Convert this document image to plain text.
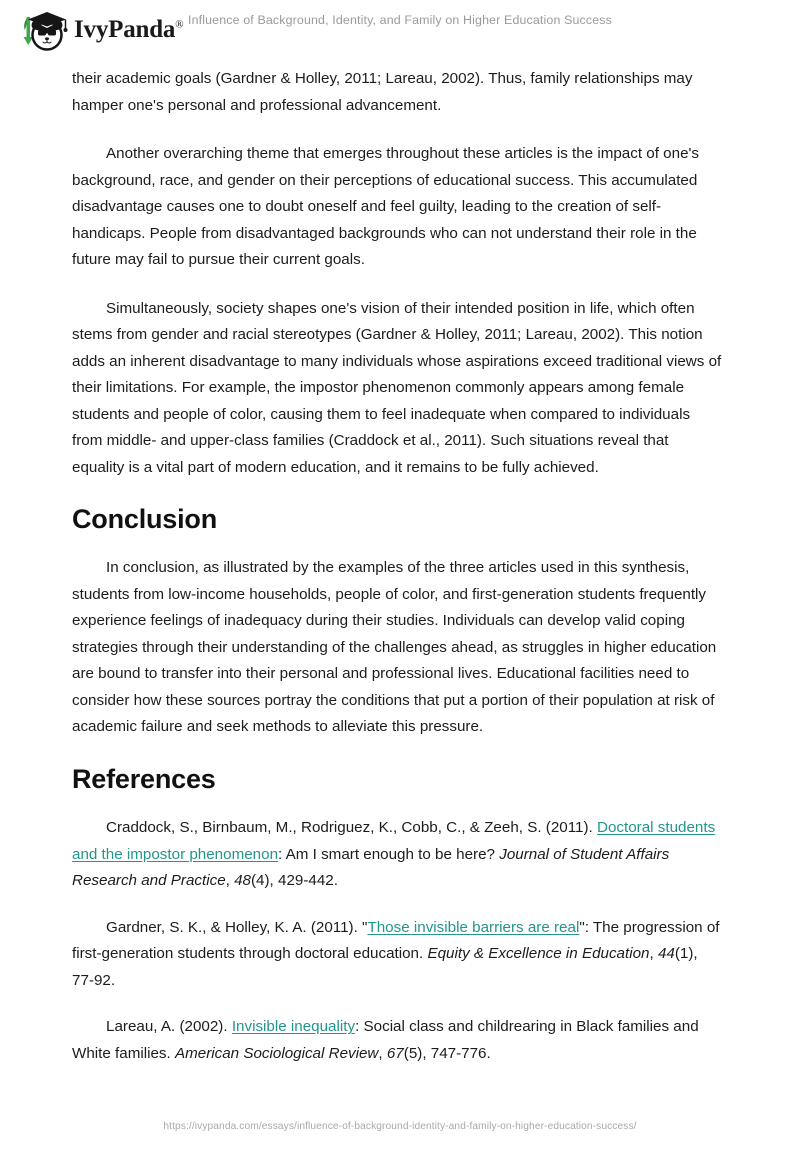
IvyPanda® Influence of Background, Identity, and Family on Higher Education Success

their academic goals (Gardner & Holley, 2011; Lareau, 2002). Thus, family relationships may hamper one's personal and professional advancement.

Another overarching theme that emerges throughout these articles is the impact of one's background, race, and gender on their perceptions of educational success. This accumulated disadvantage causes one to doubt oneself and feel guilty, leading to the creation of self-handicaps. People from disadvantaged backgrounds who can not understand their role in the future may fail to pursue their current goals.

Simultaneously, society shapes one's vision of their intended position in life, which often stems from gender and racial stereotypes (Gardner & Holley, 2011; Lareau, 2002). This notion adds an inherent disadvantage to many individuals whose aspirations exceed traditional views of their limitations. For example, the impostor phenomenon commonly appears among female students and people of color, causing them to feel inadequate when compared to individuals from middle- and upper-class families (Craddock et al., 2011). Such situations reveal that equality is a vital part of modern education, and it remains to be fully achieved.

Conclusion

In conclusion, as illustrated by the examples of the three articles used in this synthesis, students from low-income households, people of color, and first-generation students frequently experience feelings of inadequacy during their studies. Individuals can develop valid coping strategies through their understanding of the challenges ahead, as struggles in higher education are bound to transfer into their personal and professional lives. Educational facilities need to consider how these sources portray the conditions that put a portion of their population at risk of academic failure and seek methods to alleviate this pressure.

References
Craddock, S., Birnbaum, M., Rodriguez, K., Cobb, C., & Zeeh, S. (2011). Doctoral students and the impostor phenomenon: Am I smart enough to be here? Journal of Student Affairs Research and Practice, 48(4), 429-442.
Gardner, S. K., & Holley, K. A. (2011). "Those invisible barriers are real": The progression of first-generation students through doctoral education. Equity & Excellence in Education, 44(1), 77-92.
Lareau, A. (2002). Invisible inequality: Social class and childrearing in Black families and White families. American Sociological Review, 67(5), 747-776.
https://ivypanda.com/essays/influence-of-background-identity-and-family-on-higher-education-success/
